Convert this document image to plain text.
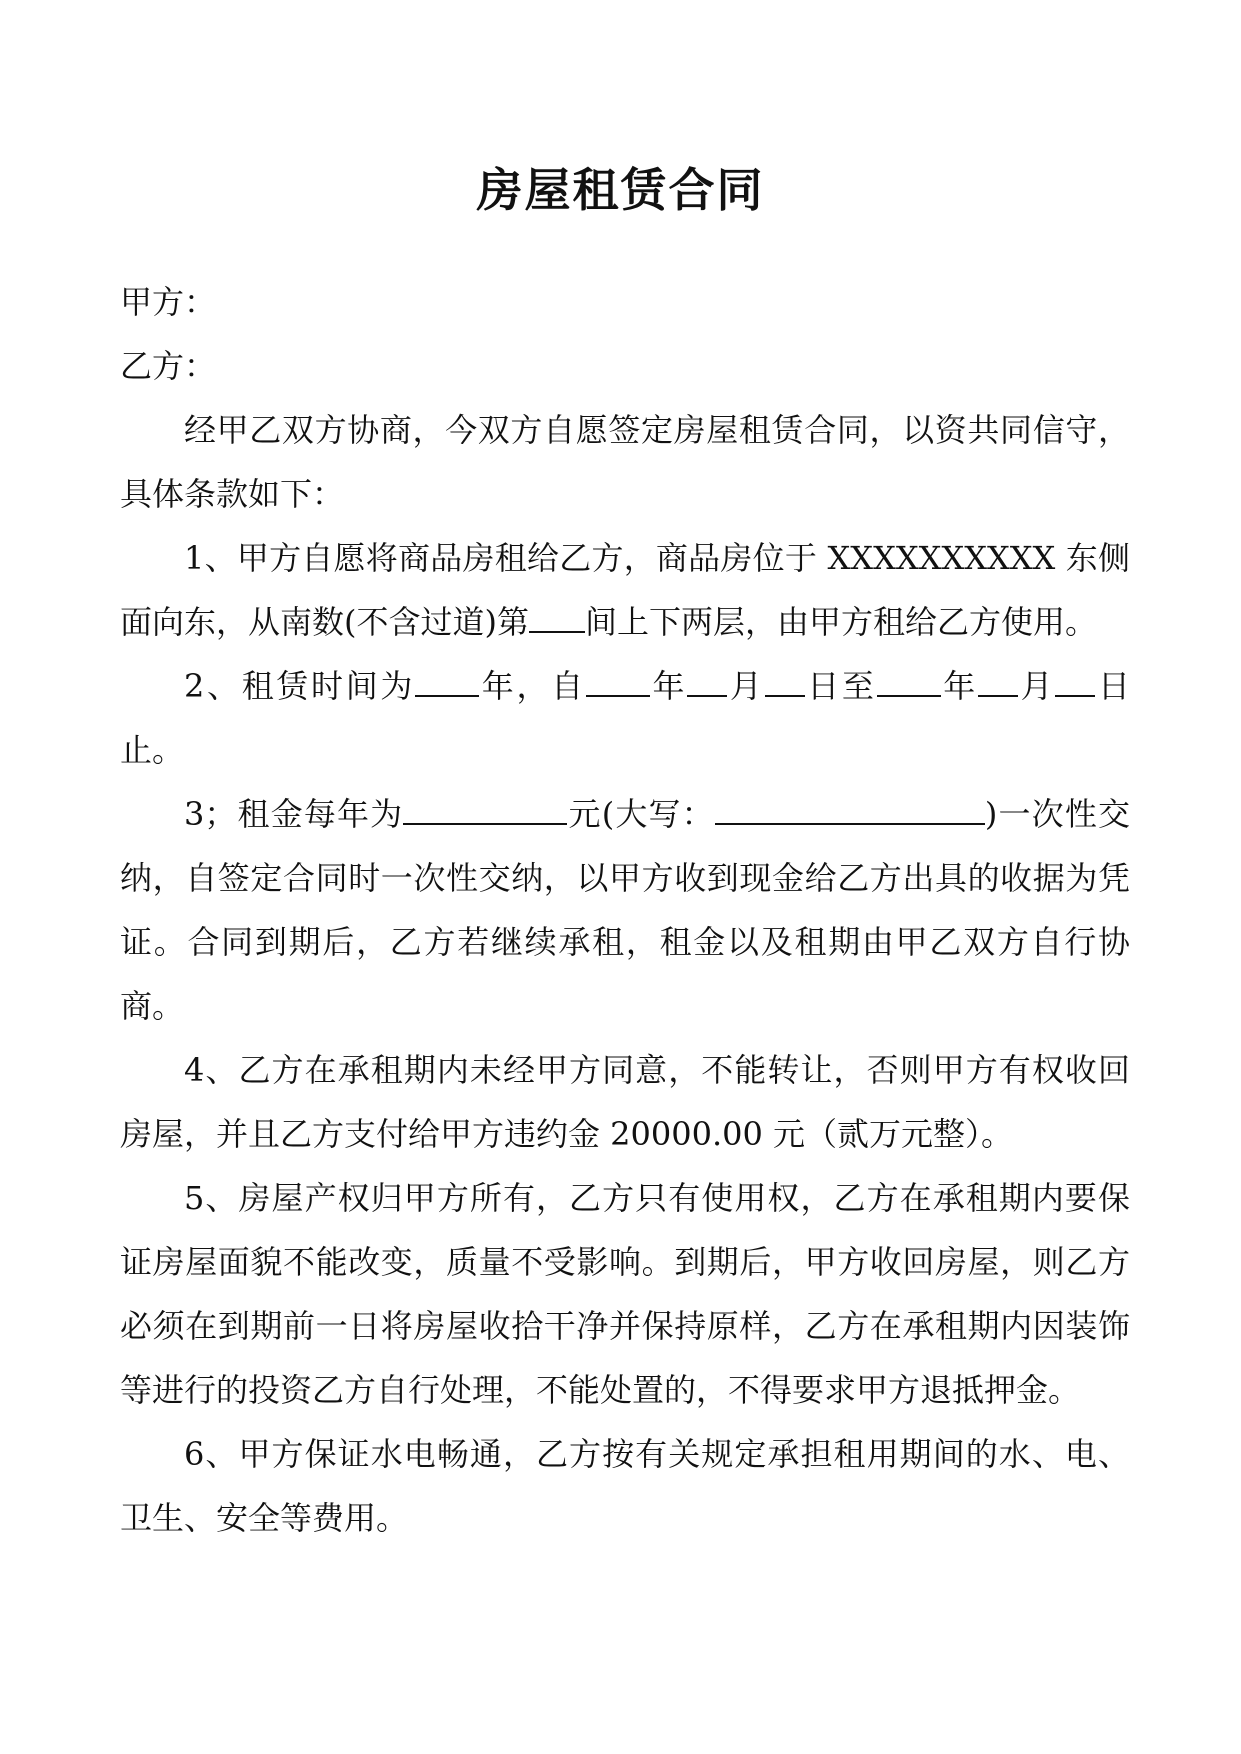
房屋租赁合同
甲方：
乙方：

经甲乙双方协商，今双方自愿签定房屋租赁合同，以资共同信守，具体条款如下：

1、甲方自愿将商品房租给乙方，商品房位于 XXXXXXXXXX 东侧面向东，从南数(不含过道)第 间上下两层，由甲方租给乙方使用。

2、租赁时间为 年，自 年 月 日至 年 月 日止。

3；租金每年为	元(大写：	)一次性交纳，自签定合同时一次性交纳，以甲方收到现金给乙方出具的收据为凭证。合同到期后，乙方若继续承租，租金以及租期由甲乙双方自行协商。

4、乙方在承租期内未经甲方同意，不能转让，否则甲方有权收回房屋，并且乙方支付给甲方违约金 20000.00 元（贰万元整）。

5、房屋产权归甲方所有，乙方只有使用权，乙方在承租期内要保证房屋面貌不能改变，质量不受影响。到期后，甲方收回房屋，则乙方必须在到期前一日将房屋收拾干净并保持原样，乙方在承租期内因装饰等进行的投资乙方自行处理，不能处置的，不得要求甲方退抵押金。

6、甲方保证水电畅通，乙方按有关规定承担租用期间的水、电、卫生、安全等费用。
